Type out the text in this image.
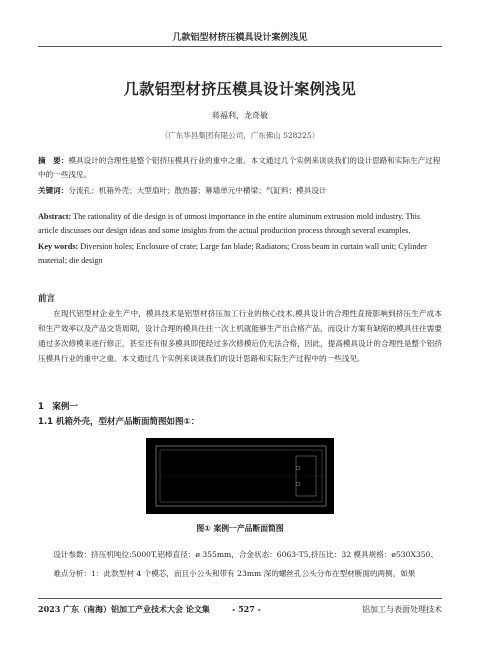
几款铝型材挤压模具设计案例浅见
几款铝型材挤压模具设计案例浅见
蒋福利，龙奇敏
（广东华昌集团有限公司，广东佛山 528225）
摘　要：模具设计的合理性是整个铝挤压模具行业的重中之重。本文通过几个实例来谈谈我们的设计思路和实际生产过程中的一些浅见。
关键词：分流孔；机箱外壳；大型扇叶；散热器；幕墙单元中横梁；气缸料；模具设计
Abstract: The rationality of die design is of utmost importance in the entire aluminum extrusion mold industry. This article discusses our design ideas and some insights from the actual production process through several examples.
Key words: Diversion holes; Enclosure of crate; Large fan blade; Radiators; Cross beam in curtain wall unit; Cylinder material; die design
前言
在现代铝型材企业生产中，模具技术是铝型材挤压加工行业的核心技术,模具设计的合理性直接影响到挤压生产成本和生产效率以及产品交货周期，设计合理的模具往往一次上机就能够生产出合格产品，而设计方案有缺陷的模具往往需要通过多次修模来进行修正，甚至还有很多模具即使经过多次修模后仍无法合格，因此，提高模具设计的合理性是整个铝挤压模具行业的重中之重。本文通过几个实例来谈谈我们的设计思路和实际生产过程中的一些浅见。
1　案例一
1.1 机箱外壳，型材产品断面简图如图①：
图① 案例一产品断面简图
设计参数：挤压机吨位:5000T,铝棒直径：ø 355mm，合金状态：6063-T5,挤压比：32 模具规格：ø530X350、
难点分析：1：此款型材 4 个模芯，而且小公头和带有 23mm 深的螺丝孔公头分布在型材断面的两侧，如果
2023 广东（南海）铝加工产业技术大会 论文集	- 527 -	铝加工与表面处理技术
